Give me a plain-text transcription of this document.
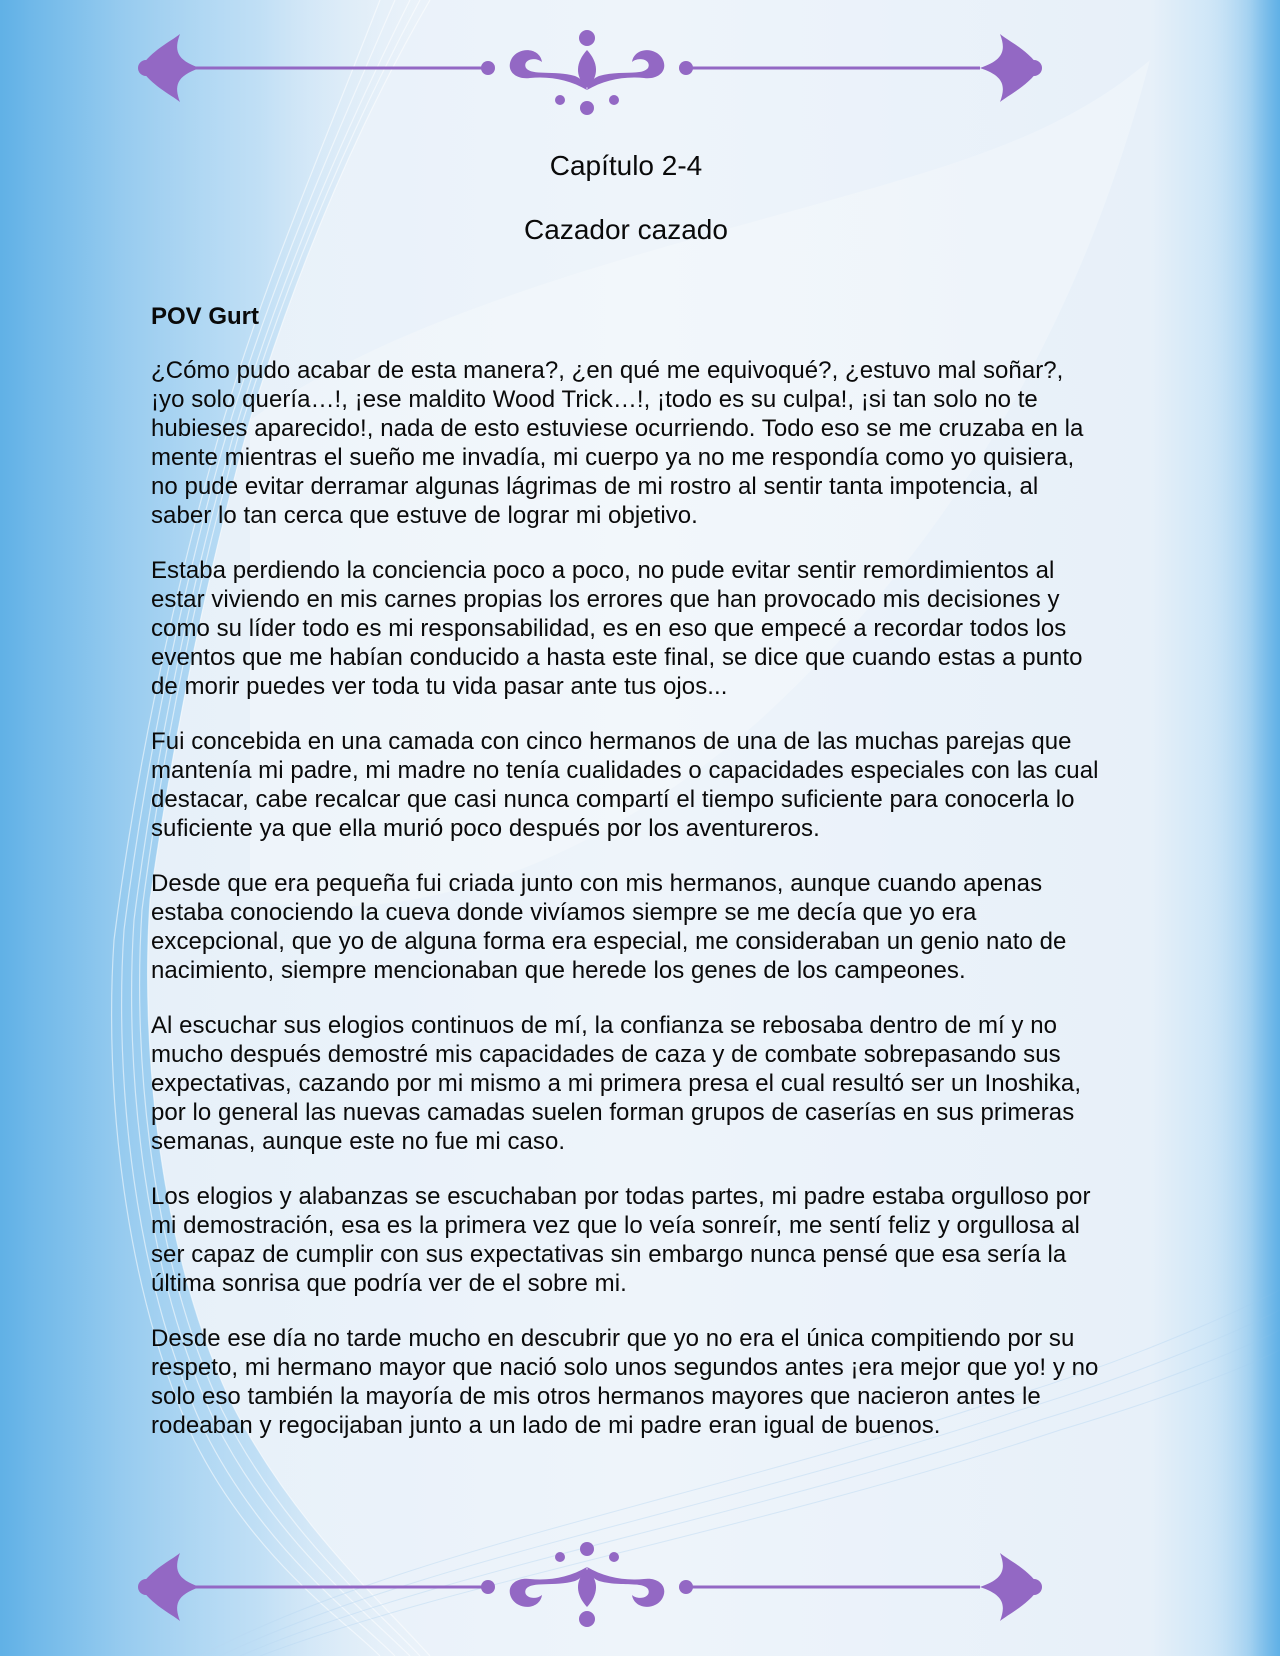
Capítulo 2-4
Cazador cazado

POV Gurt

¿Cómo pudo acabar de esta manera?, ¿en qué me equivoqué?, ¿estuvo mal soñar?, ¡yo solo quería…!, ¡ese maldito Wood Trick…!, ¡todo es su culpa!, ¡si tan solo no te hubieses aparecido!, nada de esto estuviese ocurriendo. Todo eso se me cruzaba en la mente mientras el sueño me invadía, mi cuerpo ya no me respondía como yo quisiera, no pude evitar derramar algunas lágrimas de mi rostro al sentir tanta impotencia, al saber lo tan cerca que estuve de lograr mi objetivo.

Estaba perdiendo la conciencia poco a poco, no pude evitar sentir remordimientos al estar viviendo en mis carnes propias los errores que han provocado mis decisiones y como su líder todo es mi responsabilidad, es en eso que empecé a recordar todos los eventos que me habían conducido a hasta este final, se dice que cuando estas a punto de morir puedes ver toda tu vida pasar ante tus ojos...

Fui concebida en una camada con cinco hermanos de una de las muchas parejas que mantenía mi padre, mi madre no tenía cualidades o capacidades especiales con las cual destacar, cabe recalcar que casi nunca compartí el tiempo suficiente para conocerla lo suficiente ya que ella murió poco después por los aventureros.

Desde que era pequeña fui criada junto con mis hermanos, aunque cuando apenas estaba conociendo la cueva donde vivíamos siempre se me decía que yo era excepcional, que yo de alguna forma era especial, me consideraban un genio nato de nacimiento, siempre mencionaban que herede los genes de los campeones.

Al escuchar sus elogios continuos de mí, la confianza se rebosaba dentro de mí y no mucho después demostré mis capacidades de caza y de combate sobrepasando sus expectativas, cazando por mi mismo a mi primera presa el cual resultó ser un Inoshika, por lo general las nuevas camadas suelen forman grupos de caserías en sus primeras semanas, aunque este no fue mi caso.

Los elogios y alabanzas se escuchaban por todas partes, mi padre estaba orgulloso por mi demostración, esa es la primera vez que lo veía sonreír, me sentí feliz y orgullosa al ser capaz de cumplir con sus expectativas sin embargo nunca pensé que esa sería la última sonrisa que podría ver de el sobre mi.

Desde ese día no tarde mucho en descubrir que yo no era el única compitiendo por su respeto, mi hermano mayor que nació solo unos segundos antes ¡era mejor que yo! y no solo eso también la mayoría de mis otros hermanos mayores que nacieron antes le rodeaban y regocijaban junto a un lado de mi padre eran igual de buenos.
